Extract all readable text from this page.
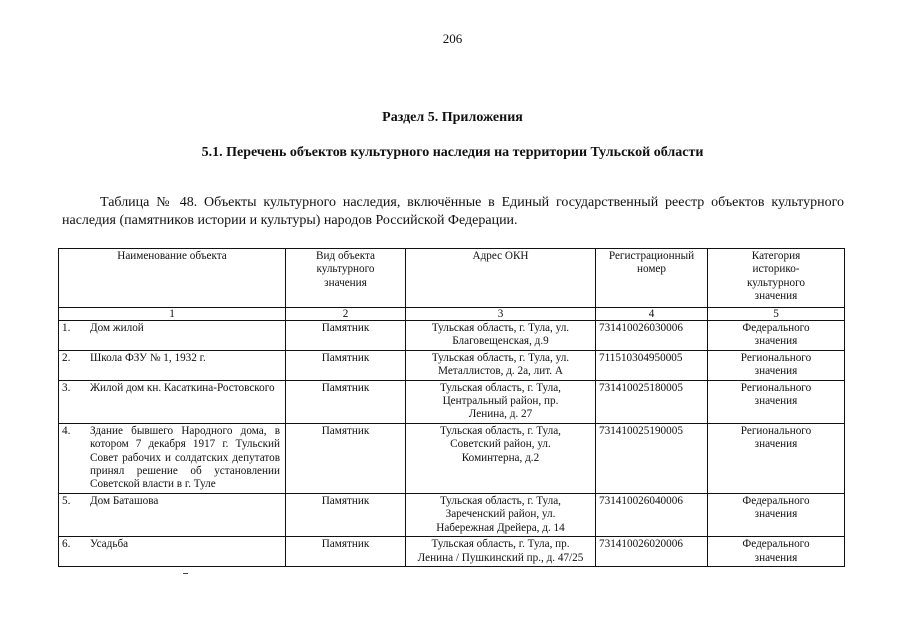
206
Раздел 5. Приложения
5.1. Перечень объектов культурного наследия на территории Тульской области
Таблица № 48. Объекты культурного наследия, включённые в Единый государственный реестр объектов культурного наследия (памятников истории и культуры) народов Российской Федерации.
Наименование объекта	Вид объекта культурного значения	Адрес ОКН	Регистрационный номер	Категория историко-культурного значения
1	2	3	4	5
1. Дом жилой	Памятник	Тульская область, г. Тула, ул. Благовещенская, д.9	731410026030006	Федерального значения
2. Школа ФЗУ № 1, 1932 г.	Памятник	Тульская область, г. Тула, ул. Металлистов, д. 2а, лит. А	711510304950005	Регионального значения
3. Жилой дом кн. Касаткина-Ростовского	Памятник	Тульская область, г. Тула, Центральный район, пр. Ленина, д. 27	731410025180005	Регионального значения
4. Здание бывшего Народного дома, в котором 7 декабря 1917 г. Тульский Совет рабочих и солдатских депутатов принял решение об установлении Советской власти в г. Туле	Памятник	Тульская область, г. Тула, Советский район, ул. Коминтерна, д.2	731410025190005	Регионального значения
5. Дом Баташова	Памятник	Тульская область, г. Тула, Зареченский район, ул. Набережная Дрейера, д. 14	731410026040006	Федерального значения
6. Усадьба	Памятник	Тульская область, г. Тула, пр. Ленина / Пушкинский пр., д. 47/25	731410026020006	Федерального значения
